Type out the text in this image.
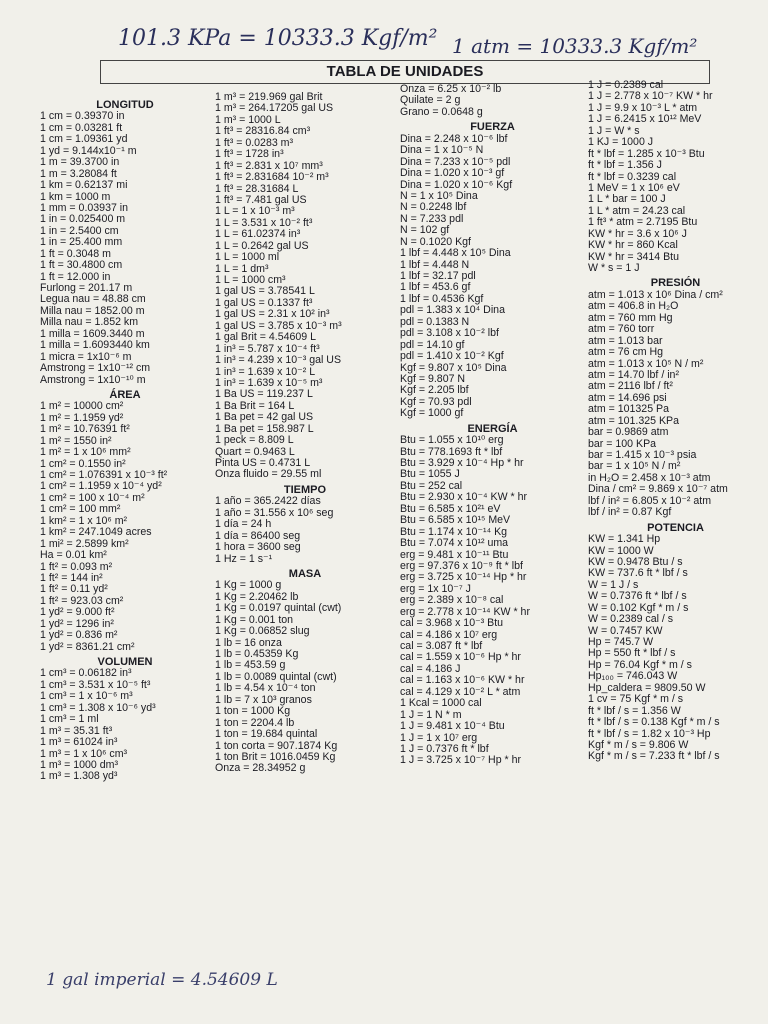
101.3 KPa = 10333.3 Kgf/m² 1 atm = 10333.3 Kgf/m²
TABLA DE UNIDADES
LONGITUD
1 cm = 0.39370 in
1 cm = 0.03281 ft
1 cm = 1.09361 yd
1 yd = 9.144x10⁻¹ m
1 m = 39.3700 in
1 m = 3.28084 ft
1 km = 0.62137 mi
1 km = 1000 m
1 mm = 0.03937 in
1 in = 0.025400 m
1 in = 2.5400 cm
1 in = 25.400 mm
1 ft = 0.3048 m
1 ft = 30.4800 cm
1 ft = 12.000 in
Furlong = 201.17 m
Legua nau = 48.88 cm
Milla nau = 1852.00 m
Milla nau = 1.852 km
1 milla = 1609.3440 m
1 milla = 1.6093440 km
1 micra = 1x10⁻⁶ m
Amstrong = 1x10⁻¹² cm
Amstrong = 1x10⁻¹⁰ m
ÁREA
1 m² = 10000 cm²
1 m² = 1.1959 yd²
1 m² = 10.76391 ft²
1 m² = 1550 in²
1 m² = 1 x 10⁶ mm²
1 cm² = 0.1550 in²
1 cm² = 1.076391 x 10⁻³ ft²
1 cm² = 1.1959 x 10⁻⁴ yd²
1 cm² = 100 x 10⁻⁴ m²
1 cm² = 100 mm²
1 km² = 1 x 10⁶ m²
1 km² = 247.1049 acres
1 mi² = 2.5899 km²
Ha = 0.01 km²
1 ft² = 0.093 m²
1 ft² = 144 in²
1 ft² = 0.11 yd²
1 ft² = 923.03 cm²
1 yd² = 9.000 ft²
1 yd² = 1296 in²
1 yd² = 0.836 m²
1 yd² = 8361.21 cm²
VOLUMEN
1 cm³ = 0.06182 in³
1 cm³ = 3.531 x 10⁻⁵ ft³
1 cm³ = 1 x 10⁻⁶ m³
1 cm³ = 1.308 x 10⁻⁶ yd³
1 cm³ = 1 ml
1 m³ = 35.31 ft³
1 m³ = 61024 in³
1 m³ = 1 x 10⁶ cm³
1 m³ = 1000 dm³
1 m³ = 1.308 yd³
1 m³ = 219.969 gal Brit
1 m³ = 264.17205 gal US
1 m³ = 1000 L
1 ft³ = 28316.84 cm³
1 ft³ = 0.0283 m³
1 ft³ = 1728 in³
1 ft³ = 2.831 x 10⁷ mm³
1 ft³ = 2.831684 10⁻² m³
1 ft³ = 28.31684 L
1 ft³ = 7.481 gal US
1 L = 1 x 10⁻³ m³
1 L = 3.531 x 10⁻² ft³
1 L = 61.02374 in³
1 L = 0.2642 gal US
1 L = 1000 ml
1 L = 1 dm³
1 L = 1000 cm³
1 gal US = 3.78541 L
1 gal US = 0.1337 ft³
1 gal US = 2.31 x 10² in³
1 gal US = 3.785 x 10⁻³ m³
1 gal Brit = 4.54609 L
1 in³ = 5.787 x 10⁻⁴ ft³
1 in³ = 4.239 x 10⁻³ gal US
1 in³ = 1.639 x 10⁻² L
1 in³ = 1.639 x 10⁻⁵ m³
1 Ba US = 119.237 L
1 Ba Brit = 164 L
1 Ba pet = 42 gal US
1 Ba pet = 158.987 L
1 peck = 8.809 L
Quart = 0.9463 L
Pinta US = 0.4731 L
Onza fluido = 29.55 ml
TIEMPO
1 año = 365.2422 días
1 año = 31.556 x 10⁶ seg
1 día = 24 h
1 día = 86400 seg
1 hora = 3600 seg
1 Hz = 1 s⁻¹
MASA
1 Kg = 1000 g
1 Kg = 2.20462 lb
1 Kg = 0.0197 quintal (cwt)
1 Kg = 0.001 ton
1 Kg = 0.06852 slug
1 lb = 16 onza
1 lb = 0.45359 Kg
1 lb = 453.59 g
1 lb = 0.0089 quintal (cwt)
1 lb = 4.54 x 10⁻⁴ ton
1 lb = 7 x 10³ granos
1 ton = 1000 Kg
1 ton = 2204.4 lb
1 ton = 19.684 quintal
1 ton corta = 907.1874 Kg
1 ton Brit = 1016.0459 Kg
Onza = 28.34952 g
Onza = 6.25 x 10⁻² lb
Quilate = 2 g
Grano = 0.0648 g
FUERZA
Dina = 2.248 x 10⁻⁶ lbf
Dina = 1 x 10⁻⁵ N
Dina = 7.233 x 10⁻⁵ pdl
Dina = 1.020 x 10⁻³ gf
Dina = 1.020 x 10⁻⁶ Kgf
N = 1 x 10⁵ Dina
N = 0.2248 lbf
N = 7.233 pdl
N = 102 gf
N = 0.1020 Kgf
1 lbf = 4.448 x 10⁵ Dina
1 lbf = 4.448 N
1 lbf = 32.17 pdl
1 lbf = 453.6 gf
1 lbf = 0.4536 Kgf
pdl = 1.383 x 10⁴ Dina
pdl = 0.1383 N
pdl = 3.108 x 10⁻² lbf
pdl = 14.10 gf
pdl = 1.410 x 10⁻² Kgf
Kgf = 9.807 x 10⁵ Dina
Kgf = 9.807 N
Kgf = 2.205 lbf
Kgf = 70.93 pdl
Kgf = 1000 gf
ENERGÍA
Btu = 1.055 x 10¹⁰ erg
Btu = 778.1693 ft * lbf
Btu = 3.929 x 10⁻⁴ Hp * hr
Btu = 1055 J
Btu = 252 cal
Btu = 2.930 x 10⁻⁴ KW * hr
Btu = 6.585 x 10²¹ eV
Btu = 6.585 x 10¹⁵ MeV
Btu = 1.174 x 10⁻¹⁴ Kg
Btu = 7.074 x 10¹² uma
erg = 9.481 x 10⁻¹¹ Btu
erg = 97.376 x 10⁻⁹ ft * lbf
erg = 3.725 x 10⁻¹⁴ Hp * hr
erg = 1x 10⁻⁷ J
erg = 2.389 x 10⁻⁸ cal
erg = 2.778 x 10⁻¹⁴ KW * hr
cal = 3.968 x 10⁻³ Btu
cal = 4.186 x 10⁷ erg
cal = 3.087 ft * lbf
cal = 1.559 x 10⁻⁶ Hp * hr
cal = 4.186 J
cal = 1.163 x 10⁻⁶ KW * hr
cal = 4.129 x 10⁻² L * atm
1 Kcal = 1000 cal
1 J = 1 N * m
1 J = 9.481 x 10⁻⁴ Btu
1 J = 1 x 10⁷ erg
1 J = 0.7376 ft * lbf
1 J = 3.725 x 10⁻⁷ Hp * hr
1 J = 0.2389 cal
1 J = 2.778 x 10⁻⁷ KW * hr
1 J = 9.9 x 10⁻³ L * atm
1 J = 6.2415 x 10¹² MeV
1 J = W * s
1 KJ = 1000 J
ft * lbf = 1.285 x 10⁻³ Btu
ft * lbf = 1.356 J
ft * lbf = 0.3239 cal
1 MeV = 1 x 10⁶ eV
1 L * bar = 100 J
1 L * atm = 24.23 cal
1 ft³ * atm = 2.7195 Btu
KW * hr = 3.6 x 10⁶ J
KW * hr = 860 Kcal
KW * hr = 3414 Btu
W * s = 1 J
PRESIÓN
atm = 1.013 x 10⁶ Dina / cm²
atm = 406.8 in H₂O
atm = 760 mm Hg
atm = 760 torr
atm = 1.013 bar
atm = 76 cm Hg
atm = 1.013 x 10⁵ N / m²
atm = 14.70 lbf / in²
atm = 2116 lbf / ft²
atm = 14.696 psi
atm = 101325 Pa
atm = 101.325 KPa
bar = 0.9869 atm
bar = 100 KPa
bar = 1.415 x 10⁻³ psia
bar = 1 x 10⁵ N / m²
in H₂O = 2.458 x 10⁻³ atm
Dina / cm² = 9.869 x 10⁻⁷ atm
lbf / in² = 6.805 x 10⁻² atm
lbf / in² = 0.87 Kgf
POTENCIA
KW = 1.341 Hp
KW = 1000 W
KW = 0.9478 Btu / s
KW = 737.6 ft * lbf / s
W = 1 J / s
W = 0.7376 ft * lbf / s
W = 0.102 Kgf * m / s
W = 0.2389 cal / s
W = 0.7457 KW
Hp = 745.7 W
Hp = 550 ft * lbf / s
Hp = 76.04 Kgf * m / s
Hp₁₀₀ = 746.043 W
Hp_caldera = 9809.50 W
1 cv = 75 Kgf * m / s
ft * lbf / s = 1.356 W
ft * lbf / s = 0.138 Kgf * m / s
ft * lbf / s = 1.82 x 10⁻³ Hp
Kgf * m / s = 9.806 W
Kgf * m / s = 7.233 ft * lbf / s
1 gal imperial = 4.54609 L
